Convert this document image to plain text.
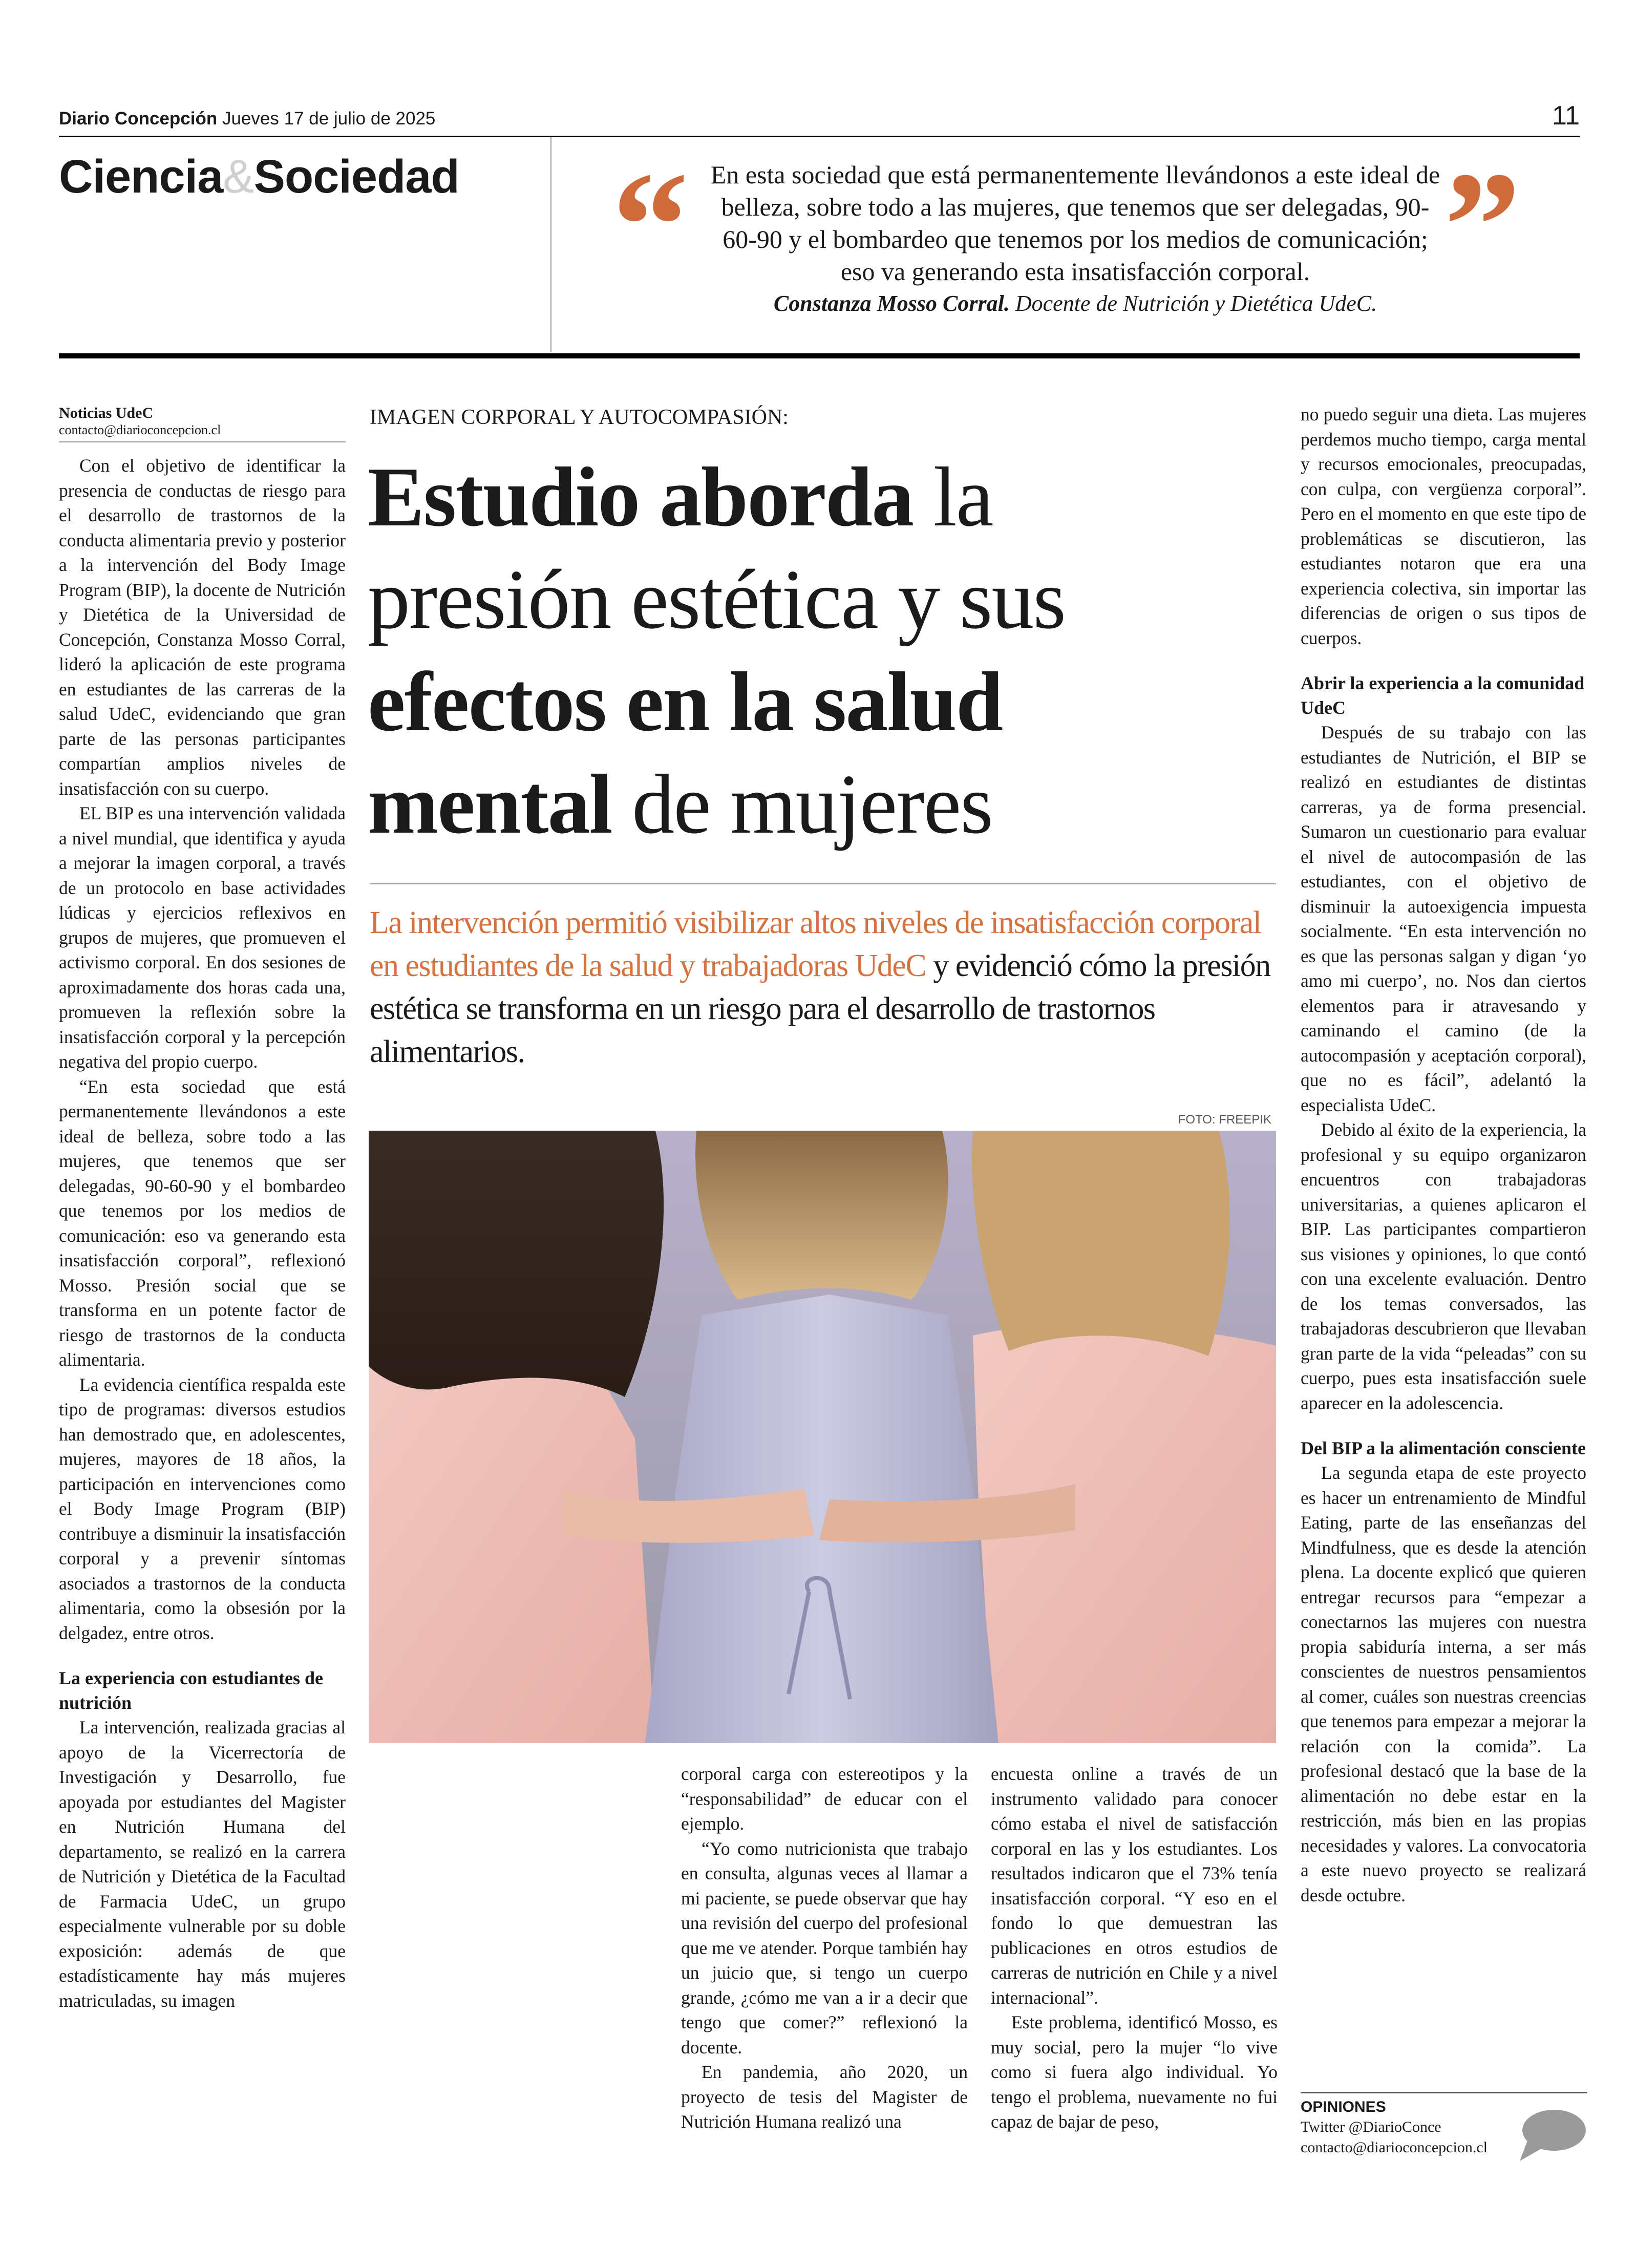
Diario Concepción Jueves 17 de julio de 2025	11
Ciencia&Sociedad “	”
En esta sociedad que está permanentemente llevándonos a este ideal de belleza, sobre todo a las mujeres, que tenemos que ser delegadas, 90-60-90 y el bombardeo que tenemos por los medios de comunicación; eso va generando esta insatisfacción corporal.
Constanza Mosso Corral. Docente de Nutrición y Dietética UdeC.
Noticias UdeC
contacto@diarioconcepcion.cl

Con el objetivo de identificar la presencia de conductas de riesgo para el desarrollo de trastornos de la conducta alimentaria previo y posterior a la intervención del Body Image Program (BIP), la docente de Nutrición y Dietética de la Universidad de Concepción, Constanza Mosso Corral, lideró la aplicación de este programa en estudiantes de las carreras de la salud UdeC, evidenciando que gran parte de las personas participantes compartían amplios niveles de insatisfacción con su cuerpo.

EL BIP es una intervención validada a nivel mundial, que identifica y ayuda a mejorar la imagen corporal, a través de un protocolo en base actividades lúdicas y ejercicios reflexivos en grupos de mujeres, que promueven el activismo corporal. En dos sesiones de aproximadamente dos horas cada una, promueven la reflexión sobre la insatisfacción corporal y la percepción negativa del propio cuerpo.

“En esta sociedad que está permanentemente llevándonos a este ideal de belleza, sobre todo a las mujeres, que tenemos que ser delegadas, 90-60-90 y el bombardeo que tenemos por los medios de comunicación: eso va generando esta insatisfacción corporal”, reflexionó Mosso. Presión social que se transforma en un potente factor de riesgo de trastornos de la conducta alimentaria.

La evidencia científica respalda este tipo de programas: diversos estudios han demostrado que, en adolescentes, mujeres, mayores de 18 años, la participación en intervenciones como el Body Image Program (BIP) contribuye a disminuir la insatisfacción corporal y a prevenir síntomas asociados a trastornos de la conducta alimentaria, como la obsesión por la delgadez, entre otros.

La experiencia con estudiantes de nutrición

La intervención, realizada gracias al apoyo de la Vicerrectoría de Investigación y Desarrollo, fue apoyada por estudiantes del Magister en Nutrición Humana del departamento, se realizó en la carrera de Nutrición y Dietética de la Facultad de Farmacia UdeC, un grupo especialmente vulnerable por su doble exposición: además de que estadísticamente hay más mujeres matriculadas, su imagen

IMAGEN CORPORAL Y AUTOCOMPASIÓN:
Estudio aborda la
presión estética y sus
efectos en la salud
mental de mujeres
La intervención permitió visibilizar altos niveles de insatisfacción corporal en estudiantes de la salud y trabajadoras UdeC y evidenció cómo la presión estética se transforma en un riesgo para el desarrollo de trastornos alimentarios.
FOTO: FREEPIK

corporal carga con estereotipos y la “responsabilidad” de educar con el ejemplo.

“Yo como nutricionista que trabajo en consulta, algunas veces al llamar a mi paciente, se puede observar que hay una revisión del cuerpo del profesional que me ve atender. Porque también hay un juicio que, si tengo un cuerpo grande, ¿cómo me van a ir a decir que tengo que comer?” reflexionó la docente.

En pandemia, año 2020, un proyecto de tesis del Magister de Nutrición Humana realizó una

encuesta online a través de un instrumento validado para conocer cómo estaba el nivel de satisfacción corporal en las y los estudiantes. Los resultados indicaron que el 73% tenía insatisfacción corporal. “Y eso en el fondo lo que demuestran las publicaciones en otros estudios de carreras de nutrición en Chile y a nivel internacional”.

Este problema, identificó Mosso, es muy social, pero la mujer “lo vive como si fuera algo individual. Yo tengo el problema, nuevamente no fui capaz de bajar de peso,

no puedo seguir una dieta. Las mujeres perdemos mucho tiempo, carga mental y recursos emocionales, preocupadas, con culpa, con vergüenza corporal”. Pero en el momento en que este tipo de problemáticas se discutieron, las estudiantes notaron que era una experiencia colectiva, sin importar las diferencias de origen o sus tipos de cuerpos.

Abrir la experiencia a la comunidad UdeC

Después de su trabajo con las estudiantes de Nutrición, el BIP se realizó en estudiantes de distintas carreras, ya de forma presencial. Sumaron un cuestionario para evaluar el nivel de autocompasión de las estudiantes, con el objetivo de disminuir la autoexigencia impuesta socialmente. “En esta intervención no es que las personas salgan y digan ‘yo amo mi cuerpo’, no. Nos dan ciertos elementos para ir atravesando y caminando el camino (de la autocompasión y aceptación corporal), que no es fácil”, adelantó la especialista UdeC.

Debido al éxito de la experiencia, la profesional y su equipo organizaron encuentros con trabajadoras universitarias, a quienes aplicaron el BIP. Las participantes compartieron sus visiones y opiniones, lo que contó con una excelente evaluación. Dentro de los temas conversados, las trabajadoras descubrieron que llevaban gran parte de la vida “peleadas” con su cuerpo, pues esta insatisfacción suele aparecer en la adolescencia.

Del BIP a la alimentación consciente

La segunda etapa de este proyecto es hacer un entrenamiento de Mindful Eating, parte de las enseñanzas del Mindfulness, que es desde la atención plena. La docente explicó que quieren entregar recursos para “empezar a conectarnos las mujeres con nuestra propia sabiduría interna, a ser más conscientes de nuestros pensamientos al comer, cuáles son nuestras creencias que tenemos para empezar a mejorar la relación con la comida”. La profesional destacó que la base de la alimentación no debe estar en la restricción, más bien en las propias necesidades y valores. La convocatoria a este nuevo proyecto se realizará desde octubre.

OPINIONES
Twitter @DiarioConce
contacto@diarioconcepcion.cl
